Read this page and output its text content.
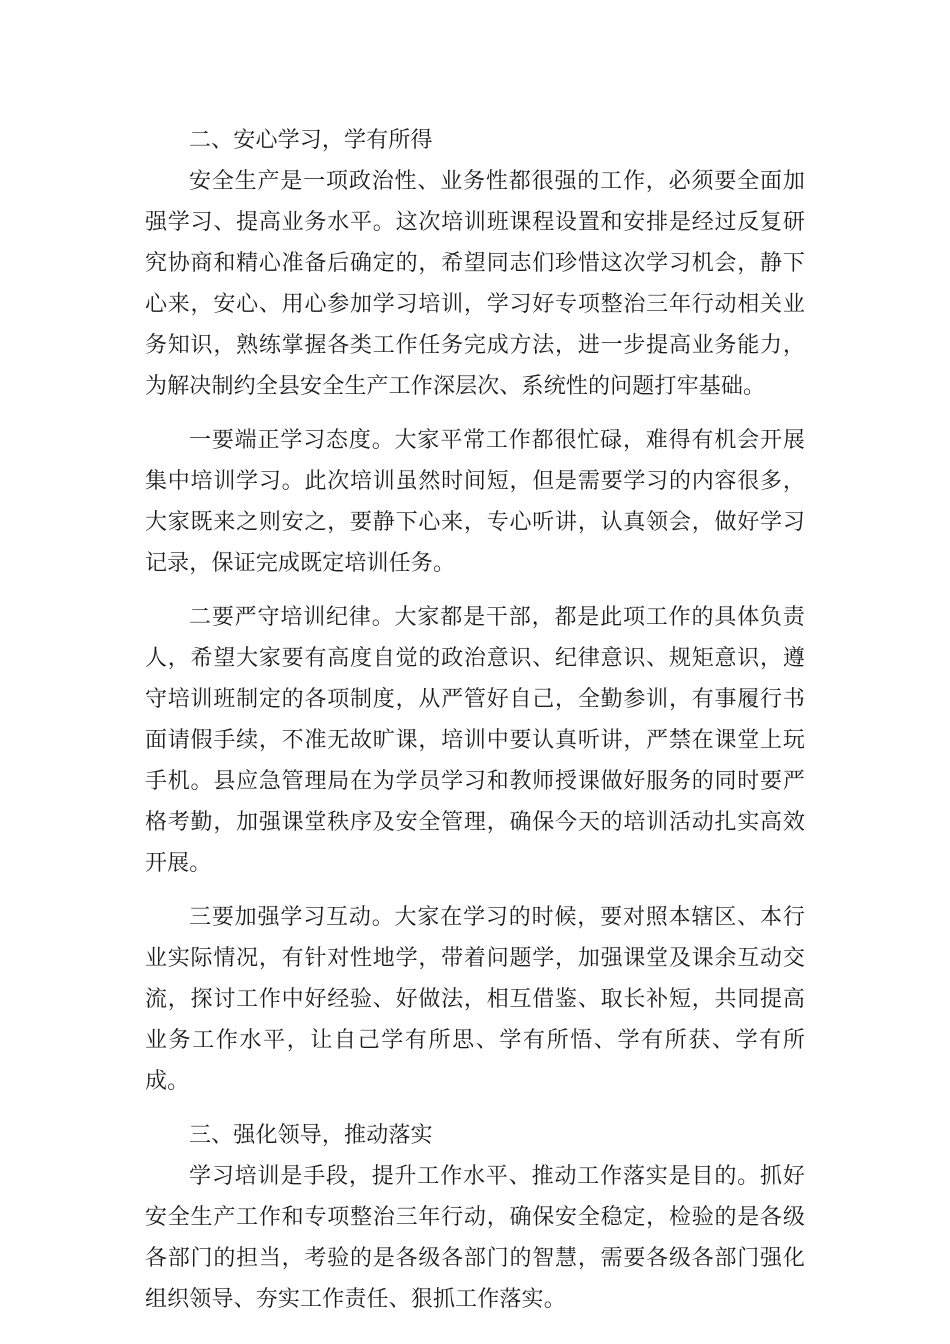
二、安心学习，学有所得

安全生产是一项政治性、业务性都很强的工作，必须要全面加强学习、提高业务水平。这次培训班课程设置和安排是经过反复研究协商和精心准备后确定的，希望同志们珍惜这次学习机会，静下心来，安心、用心参加学习培训，学习好专项整治三年行动相关业务知识，熟练掌握各类工作任务完成方法，进一步提高业务能力，为解决制约全县安全生产工作深层次、系统性的问题打牢基础。

一要端正学习态度。大家平常工作都很忙碌，难得有机会开展集中培训学习。此次培训虽然时间短，但是需要学习的内容很多，大家既来之则安之，要静下心来，专心听讲，认真领会，做好学习记录，保证完成既定培训任务。

二要严守培训纪律。大家都是干部，都是此项工作的具体负责人，希望大家要有高度自觉的政治意识、纪律意识、规矩意识，遵守培训班制定的各项制度，从严管好自己，全勤参训，有事履行书面请假手续，不准无故旷课，培训中要认真听讲，严禁在课堂上玩手机。县应急管理局在为学员学习和教师授课做好服务的同时要严格考勤，加强课堂秩序及安全管理，确保今天的培训活动扎实高效开展。

三要加强学习互动。大家在学习的时候，要对照本辖区、本行业实际情况，有针对性地学，带着问题学，加强课堂及课余互动交流，探讨工作中好经验、好做法，相互借鉴、取长补短，共同提高业务工作水平，让自己学有所思、学有所悟、学有所获、学有所成。

三、强化领导，推动落实

学习培训是手段，提升工作水平、推动工作落实是目的。抓好安全生产工作和专项整治三年行动，确保安全稳定，检验的是各级各部门的担当，考验的是各级各部门的智慧，需要各级各部门强化组织领导、夯实工作责任、狠抓工作落实。
